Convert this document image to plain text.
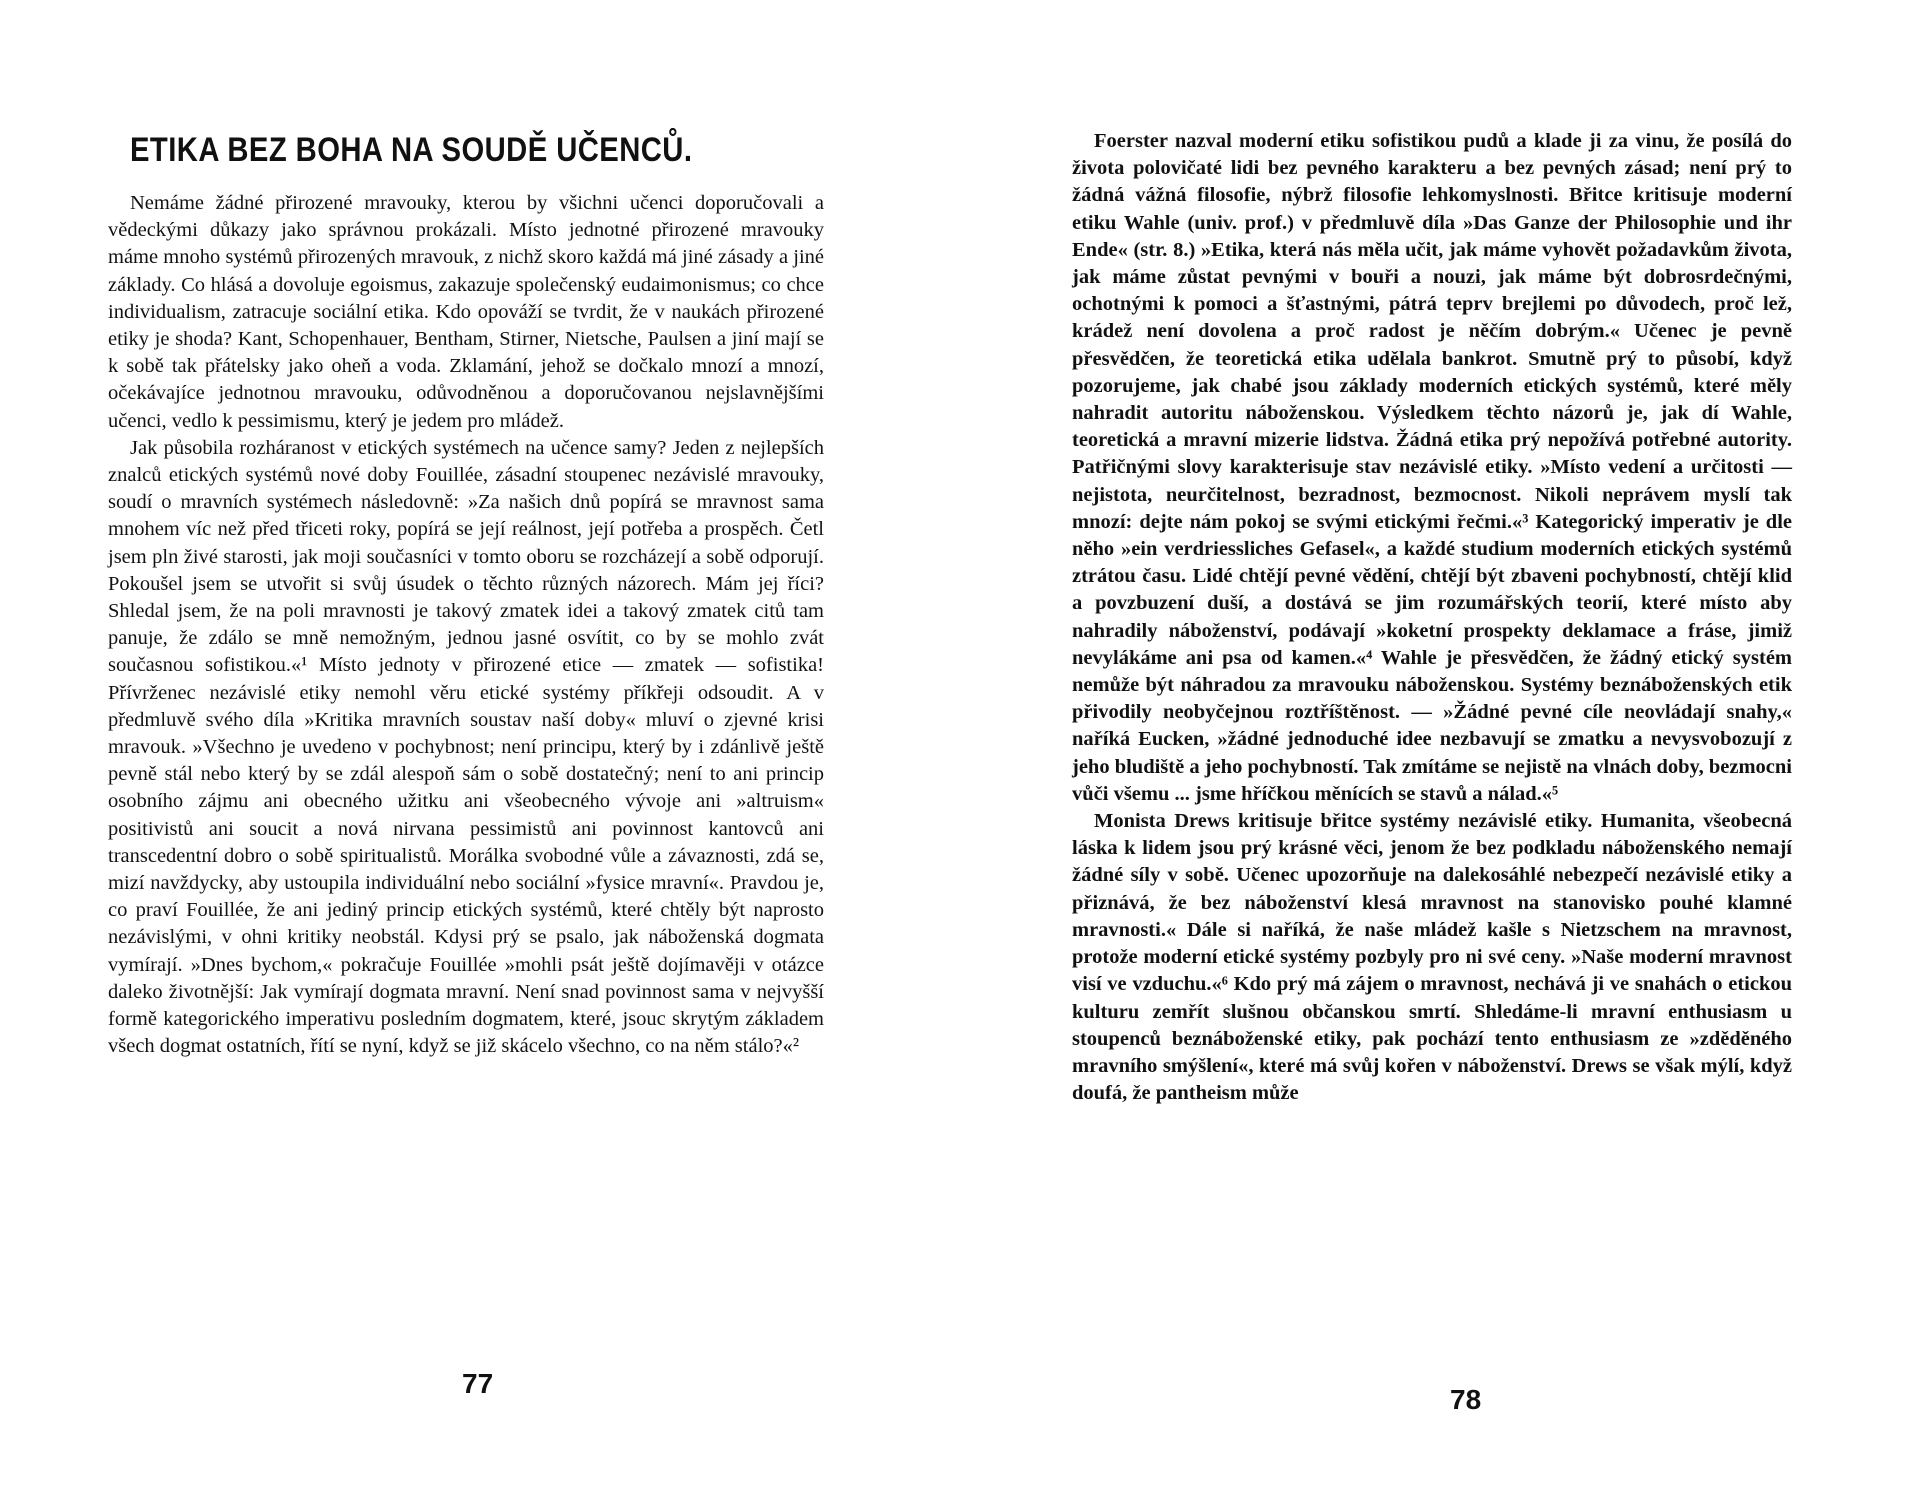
ETIKA BEZ BOHA NA SOUDĚ UČENCŮ.

Nemáme žádné přirozené mravouky, kterou by všichni učenci doporučovali a vědeckými důkazy jako správnou prokázali. Místo jednotné přirozené mravouky máme mnoho systémů přirozených mravouk, z nichž skoro každá má jiné zásady a jiné základy. Co hlásá a dovoluje egoismus, zakazuje společenský eudaimonismus; co chce individualism, zatracuje sociální etika. Kdo opováží se tvrdit, že v naukách přirozené etiky je shoda? Kant, Schopenhauer, Bentham, Stirner, Nietsche, Paulsen a jiní mají se k sobě tak přátelsky jako oheň a voda. Zklamání, jehož se dočkalo mnozí a mnozí, očekávajíce jednotnou mravouku, odůvodněnou a doporučovanou nejslavnějšími učenci, vedlo k pessimismu, který je jedem pro mládež.

Jak působila rozháranost v etických systémech na učence samy? Jeden z nejlepších znalců etických systémů nové doby Fouillée, zásadní stoupenec nezávislé mravouky, soudí o mravních systémech následovně: »Za našich dnů popírá se mravnost sama mnohem víc než před třiceti roky, popírá se její reálnost, její potřeba a prospěch. Četl jsem pln živé starosti, jak moji současníci v tomto oboru se rozcházejí a sobě odporují. Pokoušel jsem se utvořit si svůj úsudek o těchto různých názorech. Mám jej říci? Shledal jsem, že na poli mravnosti je takový zmatek idei a takový zmatek citů tam panuje, že zdálo se mně nemožným, jednou jasné osvítit, co by se mohlo zvát současnou sofistikou.«¹ Místo jednoty v přirozené etice — zmatek — sofistika! Přívrženec nezávislé etiky nemohl věru etické systémy příkřeji odsoudit. A v předmluvě svého díla »Kritika mravních soustav naší doby« mluví o zjevné krisi mravouk. »Všechno je uvedeno v pochybnost; není principu, který by i zdánlivě ještě pevně stál nebo který by se zdál alespoň sám o sobě dostatečný; není to ani princip osobního zájmu ani obecného užitku ani všeobecného vývoje ani »altruism« positivistů ani soucit a nová nirvana pessimistů ani povinnost kantovců ani transcedentní dobro o sobě spiritualistů. Morálka svobodné vůle a závaznosti, zdá se, mizí navždycky, aby ustoupila individuální nebo sociální »fysice mravní«. Pravdou je, co praví Fouillée, že ani jediný princip etických systémů, které chtěly být naprosto nezávislými, v ohni kritiky neobstál. Kdysi prý se psalo, jak náboženská dogmata vymírají. »Dnes bychom,« pokračuje Fouillée »mohli psát ještě dojímavěji v otázce daleko životnější: Jak vymírají dogmata mravní. Není snad povinnost sama v nejvyšší formě kategorického imperativu posledním dogmatem, které, jsouc skrytým základem všech dogmat ostatních, řítí se nyní, když se již skácelo všechno, co na něm stálo?«²

77

Foerster nazval moderní etiku sofistikou pudů a klade ji za vinu, že posílá do života polovičaté lidi bez pevného karakteru a bez pevných zásad; není prý to žádná vážná filosofie, nýbrž filosofie lehkomyslnosti. Břitce kritisuje moderní etiku Wahle (univ. prof.) v předmluvě díla »Das Ganze der Philosophie und ihr Ende« (str. 8.) »Etika, která nás měla učit, jak máme vyhovět požadavkům života, jak máme zůstat pevnými v bouři a nouzi, jak máme být dobrosrdečnými, ochotnými k pomoci a šťastnými, pátrá teprv brejlemi po důvodech, proč lež, krádež není dovolena a proč radost je něčím dobrým.« Učenec je pevně přesvědčen, že teoretická etika udělala bankrot. Smutně prý to působí, když pozorujeme, jak chabé jsou základy moderních etických systémů, které měly nahradit autoritu náboženskou. Výsledkem těchto názorů je, jak dí Wahle, teoretická a mravní mizerie lidstva. Žádná etika prý nepožívá potřebné autority. Patřičnými slovy karakterisuje stav nezávislé etiky. »Místo vedení a určitosti — nejistota, neurčitelnost, bezradnost, bezmocnost. Nikoli neprávem myslí tak mnozí: dejte nám pokoj se svými etickými řečmi.«³ Kategorický imperativ je dle něho »ein verdriessliches Gefasel«, a každé studium moderních etických systémů ztrátou času. Lidé chtějí pevné vědění, chtějí být zbaveni pochybností, chtějí klid a povzbuzení duší, a dostává se jim rozumářských teorií, které místo aby nahradily náboženství, podávají »koketní prospekty deklamace a fráse, jimiž nevylákáme ani psa od kamen.«⁴ Wahle je přesvědčen, že žádný etický systém nemůže být náhradou za mravouku náboženskou. Systémy beznáboženských etik přivodily neobyčejnou roztříštěnost. — »Žádné pevné cíle neovládají snahy,« naříká Eucken, »žádné jednoduché idee nezbavují se zmatku a nevysvobozují z jeho bludiště a jeho pochybností. Tak zmítáme se nejistě na vlnách doby, bezmocni vůči všemu ... jsme hříčkou měnících se stavů a nálad.«⁵

Monista Drews kritisuje břitce systémy nezávislé etiky. Humanita, všeobecná láska k lidem jsou prý krásné věci, jenom že bez podkladu náboženského nemají žádné síly v sobě. Učenec upozorňuje na dalekosáhlé nebezpečí nezávislé etiky a přiznává, že bez náboženství klesá mravnost na stanovisko pouhé klamné mravnosti.« Dále si naříká, že naše mládež kašle s Nietzschem na mravnost, protože moderní etické systémy pozbyly pro ni své ceny. »Naše moderní mravnost visí ve vzduchu.«⁶ Kdo prý má zájem o mravnost, nechává ji ve snahách o etickou kulturu zemřít slušnou občanskou smrtí. Shledáme-li mravní enthusiasm u stoupenců beznáboženské etiky, pak pochází tento enthusiasm ze »zděděného mravního smýšlení«, které má svůj kořen v náboženství. Drews se však mýlí, když doufá, že pantheism může

78
